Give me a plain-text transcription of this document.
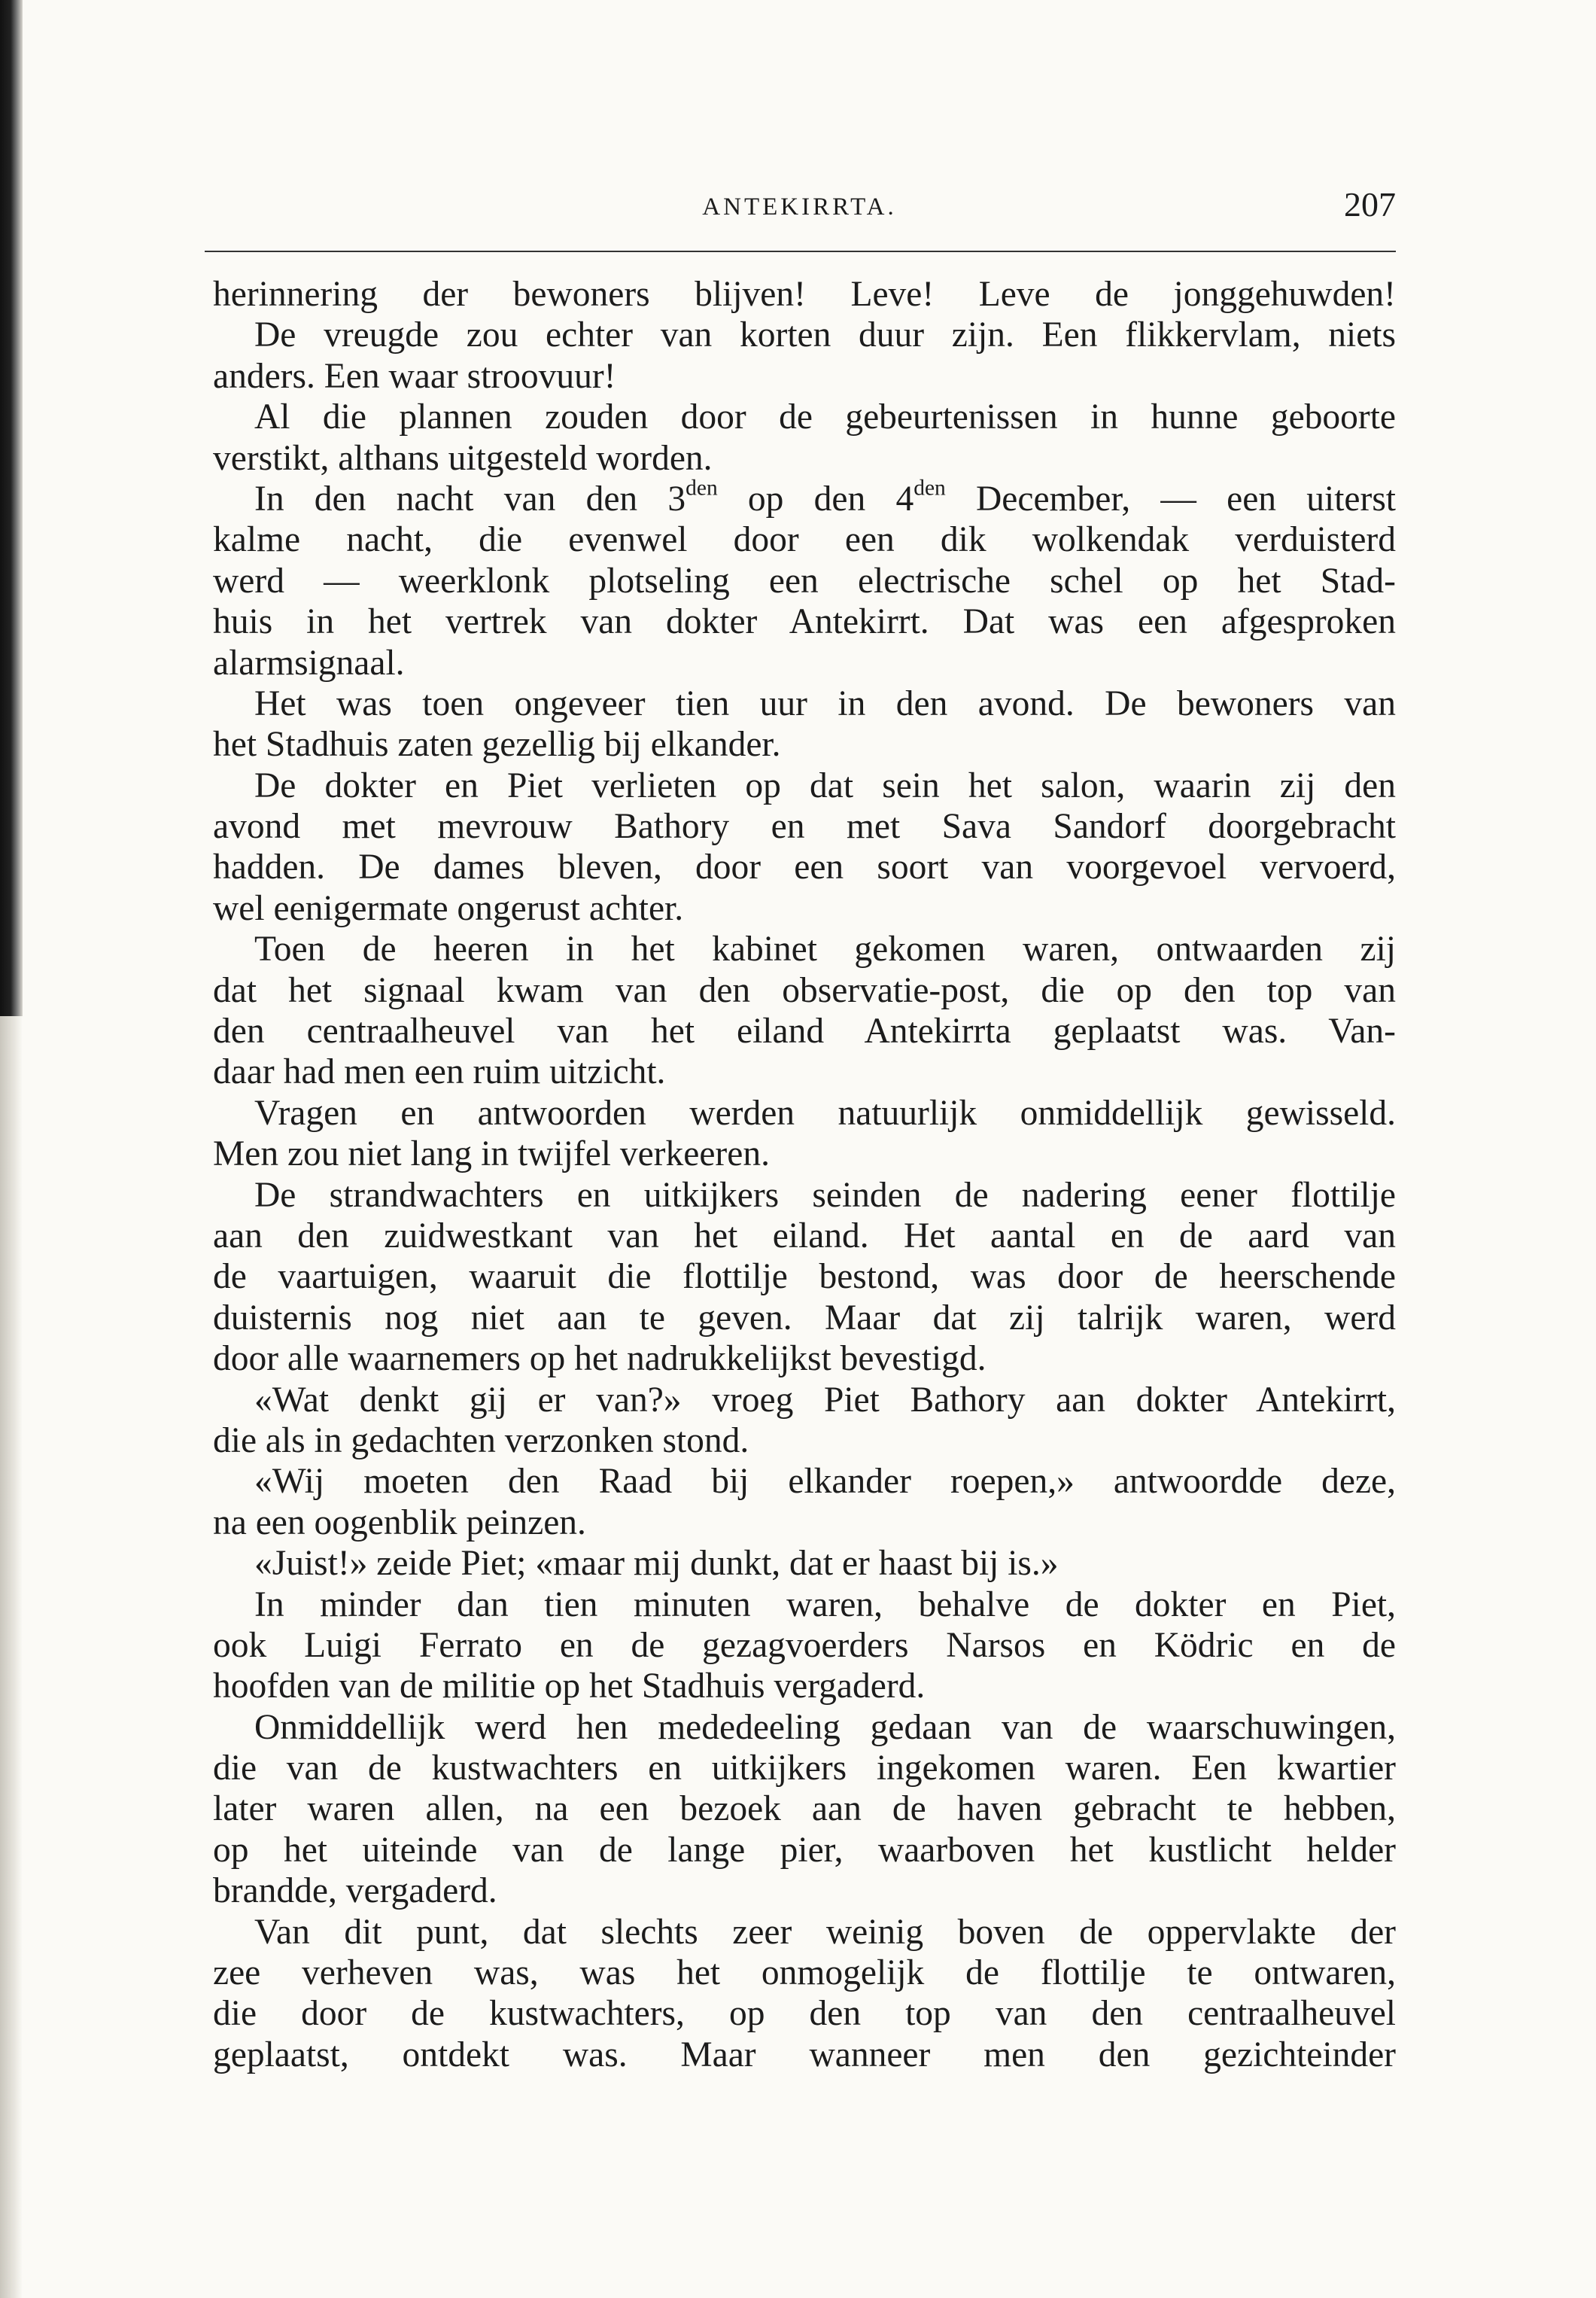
ANTEKIRRTA.	207
herinnering der bewoners blijven! Leve! Leve de jonggehuwden!
De vreugde zou echter van korten duur zijn. Een flikkervlam, niets
anders. Een waar stroovuur!
Al die plannen zouden door de gebeurtenissen in hunne geboorte
verstikt, althans uitgesteld worden.
In den nacht van den $3^{den}$ op den $4^{den}$ December, — een uiterst
kalme nacht, die evenwel door een dik wolkendak verduisterd
werd — weerklonk plotseling een electrische schel op het Stad-
huis in het vertrek van dokter Antekirrt. Dat was een afgesproken
alarmsignaal.
Het was toen ongeveer tien uur in den avond. De bewoners van
het Stadhuis zaten gezellig bij elkander.
De dokter en Piet verlieten op dat sein het salon, waarin zij den
avond met mevrouw Bathory en met Sava Sandorf doorgebracht
hadden. De dames bleven, door een soort van voorgevoel vervoerd,
wel eenigermate ongerust achter.
Toen de heeren in het kabinet gekomen waren, ontwaarden zij
dat het signaal kwam van den observatie-post, die op den top van
den centraalheuvel van het eiland Antekirrta geplaatst was. Van-
daar had men een ruim uitzicht.
Vragen en antwoorden werden natuurlijk onmiddellijk gewisseld.
Men zou niet lang in twijfel verkeeren.
De strandwachters en uitkijkers seinden de nadering eener flottilje
aan den zuidwestkant van het eiland. Het aantal en de aard van
de vaartuigen, waaruit die flottilje bestond, was door de heerschende
duisternis nog niet aan te geven. Maar dat zij talrijk waren, werd
door alle waarnemers op het nadrukkelijkst bevestigd.
«Wat denkt gij er van?» vroeg Piet Bathory aan dokter Antekirrt,
die als in gedachten verzonken stond.
«Wij moeten den Raad bij elkander roepen,» antwoordde deze,
na een oogenblik peinzen.
«Juist!» zeide Piet; «maar mij dunkt, dat er haast bij is.»
In minder dan tien minuten waren, behalve de dokter en Piet,
ook Luigi Ferrato en de gezagvoerders Narsos en Ködric en de
hoofden van de militie op het Stadhuis vergaderd.
Onmiddellijk werd hen mededeeling gedaan van de waarschuwingen,
die van de kustwachters en uitkijkers ingekomen waren. Een kwartier
later waren allen, na een bezoek aan de haven gebracht te hebben,
op het uiteinde van de lange pier, waarboven het kustlicht helder
brandde, vergaderd.
Van dit punt, dat slechts zeer weinig boven de oppervlakte der
zee verheven was, was het onmogelijk de flottilje te ontwaren,
die door de kustwachters, op den top van den centraalheuvel
geplaatst, ontdekt was. Maar wanneer men den gezichteinder
